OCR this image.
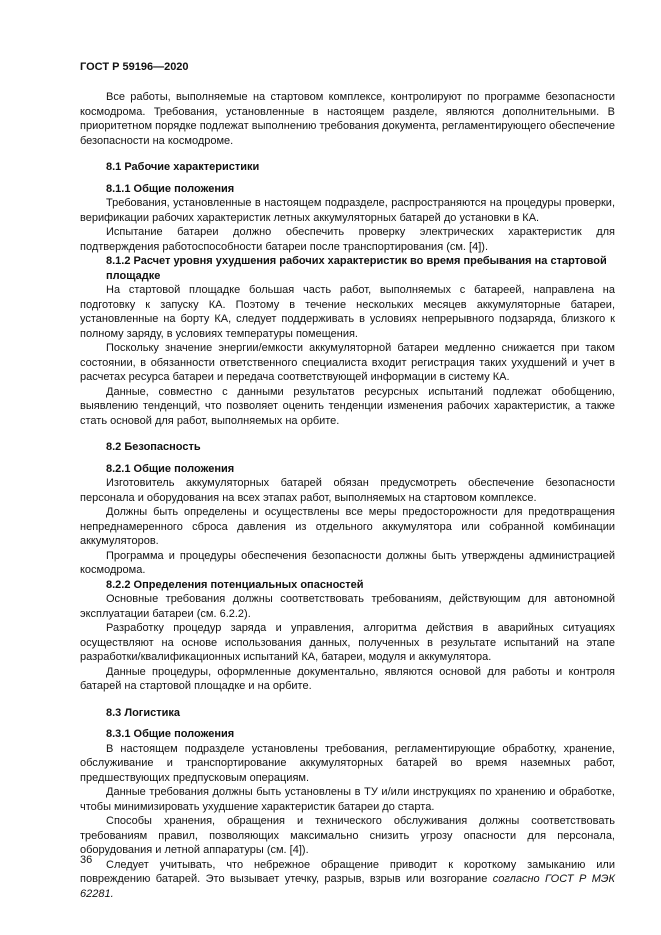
ГОСТ Р 59196—2020

Все работы, выполняемые на стартовом комплексе, контролируют по программе безопасности космодрома. Требования, установленные в настоящем разделе, являются дополнительными. В приоритетном порядке подлежат выполнению требования документа, регламентирующего обеспечение безопасности на космодроме.

8.1 Рабочие характеристики
8.1.1 Общие положения

Требования, установленные в настоящем подразделе, распространяются на процедуры проверки, верификации рабочих характеристик летных аккумуляторных батарей до установки в КА.

Испытание батареи должно обеспечить проверку электрических характеристик для подтверждения работоспособности батареи после транспортирования (см. [4]).

8.1.2 Расчет уровня ухудшения рабочих характеристик во время пребывания на стартовой площадке

На стартовой площадке большая часть работ, выполняемых с батареей, направлена на подготовку к запуску КА. Поэтому в течение нескольких месяцев аккумуляторные батареи, установленные на борту КА, следует поддерживать в условиях непрерывного подзаряда, близкого к полному заряду, в условиях температуры помещения.

Поскольку значение энергии/емкости аккумуляторной батареи медленно снижается при таком состоянии, в обязанности ответственного специалиста входит регистрация таких ухудшений и учет в расчетах ресурса батареи и передача соответствующей информации в систему КА.

Данные, совместно с данными результатов ресурсных испытаний подлежат обобщению, выявлению тенденций, что позволяет оценить тенденции изменения рабочих характеристик, а также стать основой для работ, выполняемых на орбите.

8.2 Безопасность
8.2.1 Общие положения

Изготовитель аккумуляторных батарей обязан предусмотреть обеспечение безопасности персонала и оборудования на всех этапах работ, выполняемых на стартовом комплексе.

Должны быть определены и осуществлены все меры предосторожности для предотвращения непреднамеренного сброса давления из отдельного аккумулятора или собранной комбинации аккумуляторов.

Программа и процедуры обеспечения безопасности должны быть утверждены администрацией космодрома.

8.2.2 Определения потенциальных опасностей

Основные требования должны соответствовать требованиям, действующим для автономной эксплуатации батареи (см. 6.2.2).

Разработку процедур заряда и управления, алгоритма действия в аварийных ситуациях осуществляют на основе использования данных, полученных в результате испытаний на этапе разработки/квалификационных испытаний КА, батареи, модуля и аккумулятора.

Данные процедуры, оформленные документально, являются основой для работы и контроля батарей на стартовой площадке и на орбите.

8.3 Логистика
8.3.1 Общие положения

В настоящем подразделе установлены требования, регламентирующие обработку, хранение, обслуживание и транспортирование аккумуляторных батарей во время наземных работ, предшествующих предпусковым операциям.

Данные требования должны быть установлены в ТУ и/или инструкциях по хранению и обработке, чтобы минимизировать ухудшение характеристик батареи до старта.

Способы хранения, обращения и технического обслуживания должны соответствовать требованиям правил, позволяющих максимально снизить угрозу опасности для персонала, оборудования и летной аппаратуры (см. [4]).

Следует учитывать, что небрежное обращение приводит к короткому замыканию или повреждению батарей. Это вызывает утечку, разрыв, взрыв или возгорание согласно ГОСТ Р МЭК 62281.

36
